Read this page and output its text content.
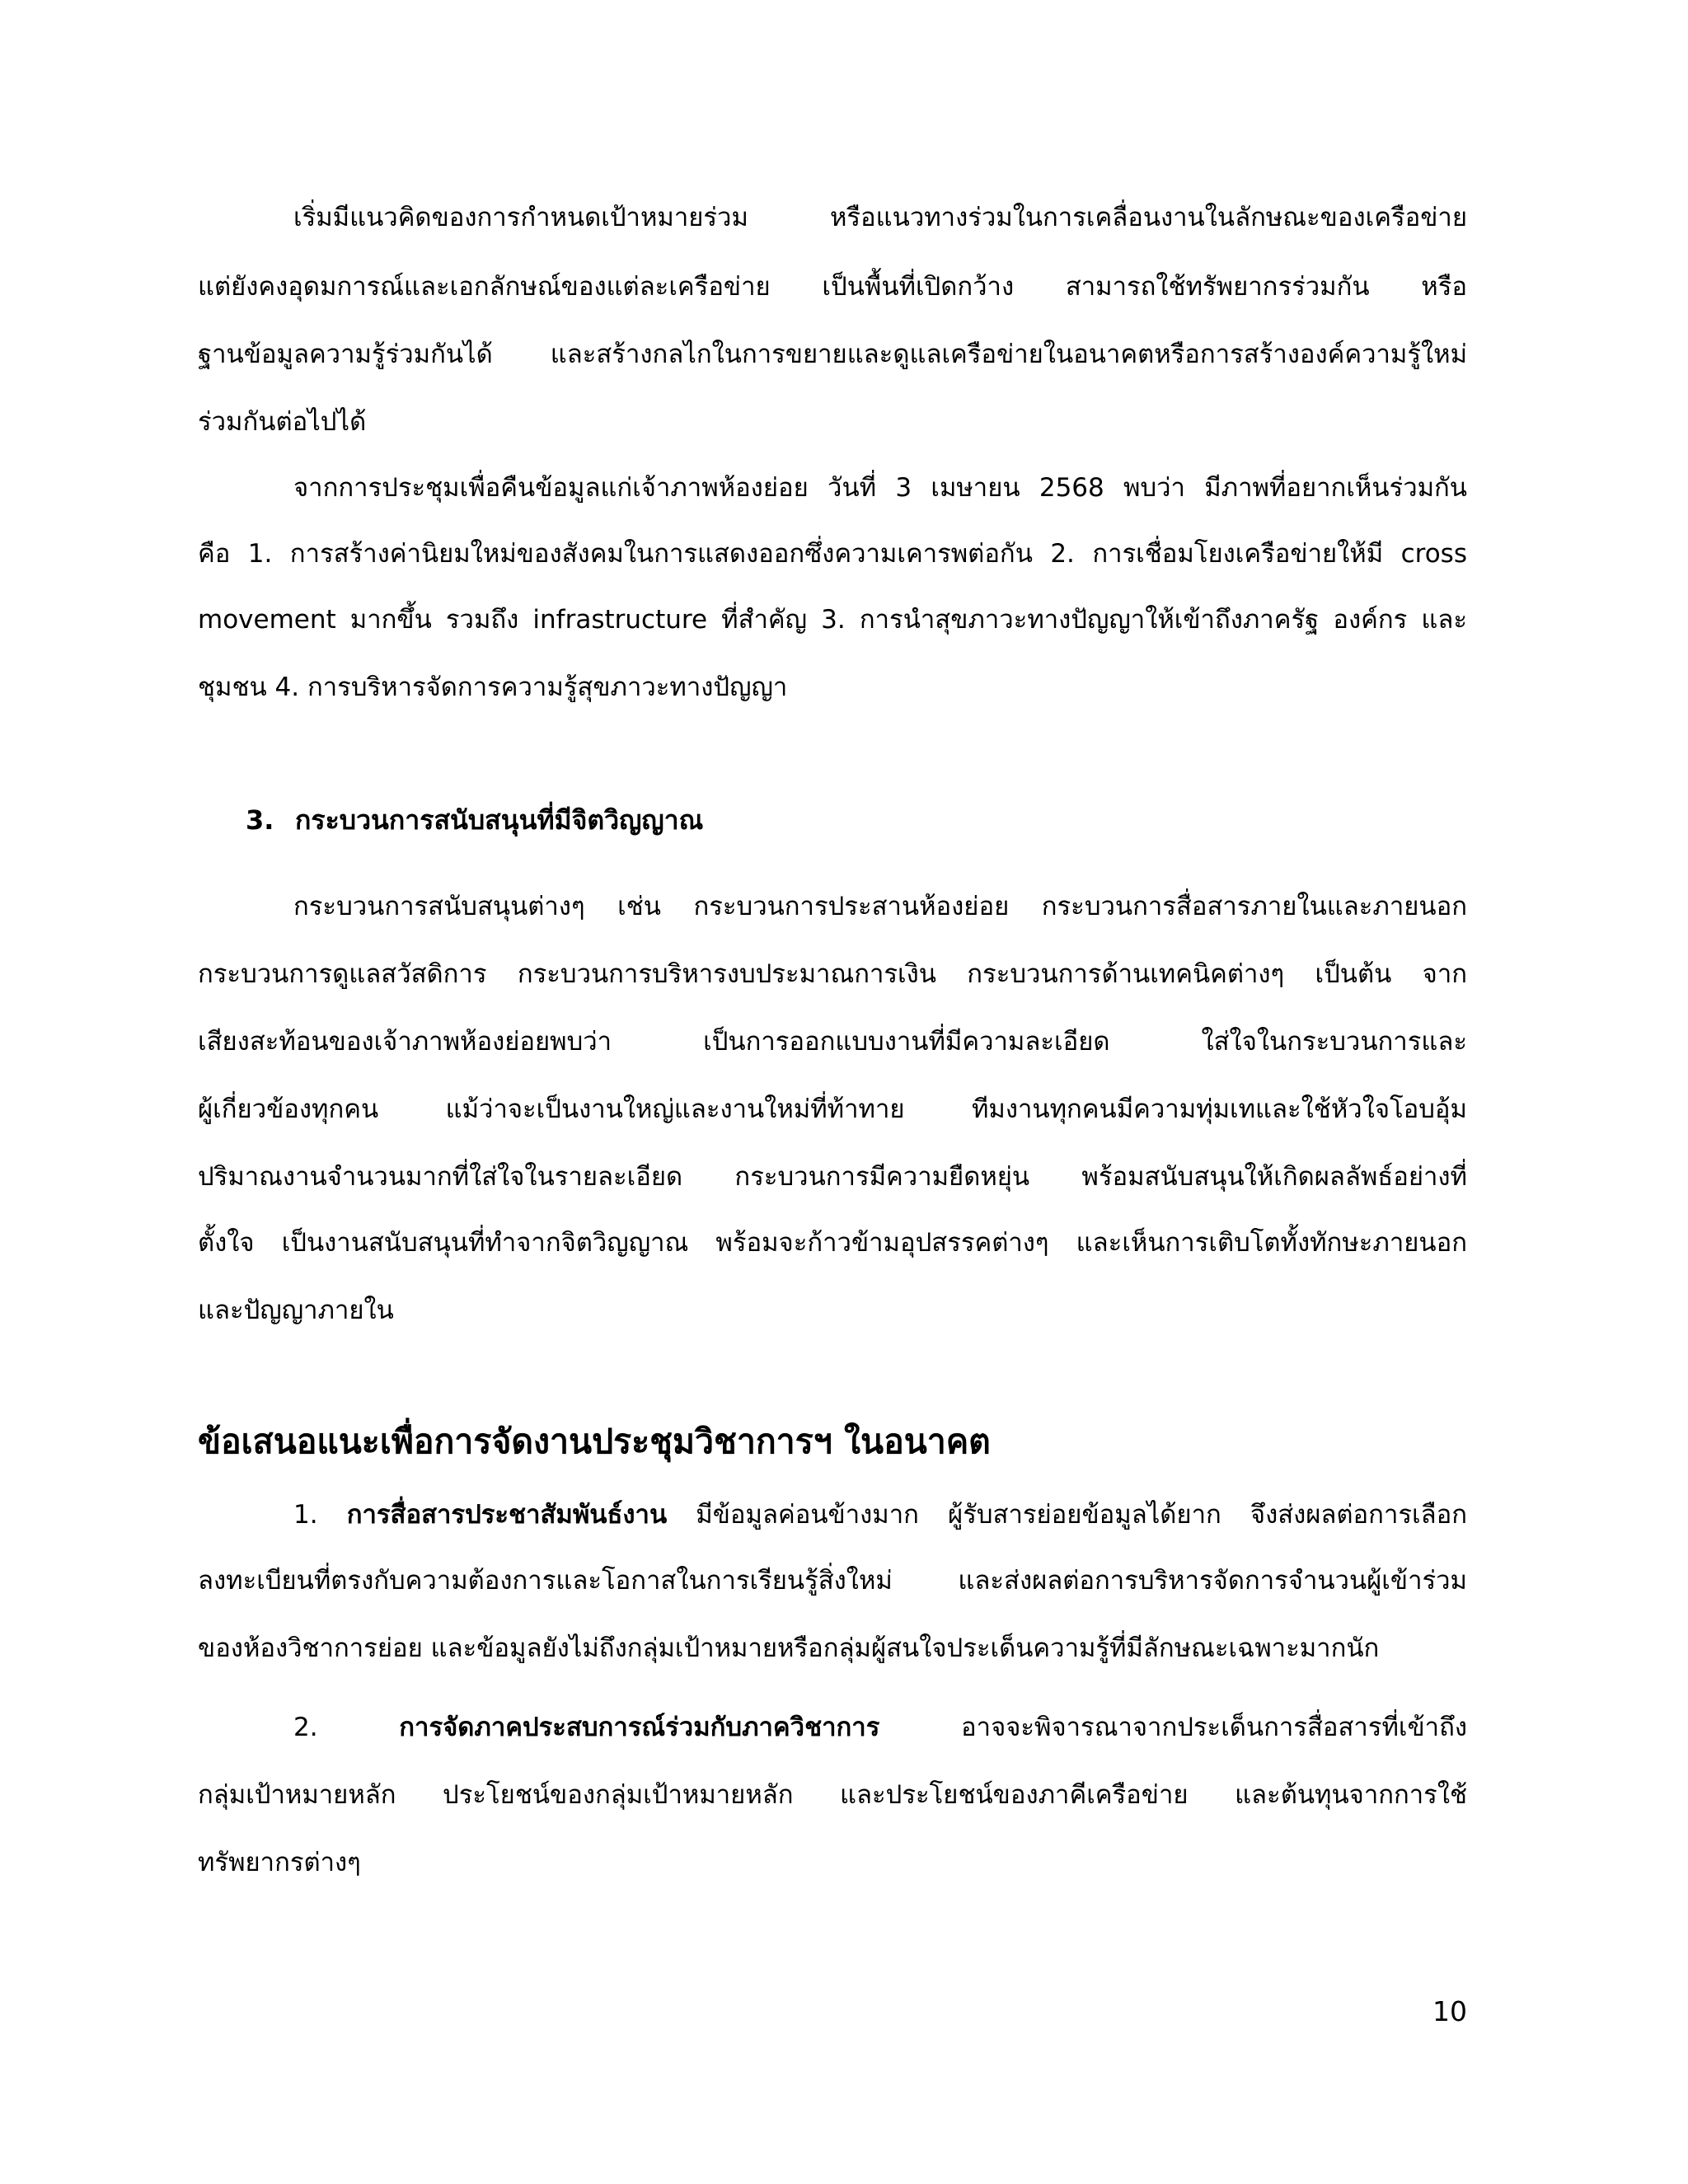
เริ่มมีแนวคิดของการกำหนดเป้าหมายร่วม หรือแนวทางร่วมในการเคลื่อนงานในลักษณะของเครือข่าย

แต่ยังคงอุดมการณ์และเอกลักษณ์ของแต่ละเครือข่าย เป็นพื้นที่เปิดกว้าง สามารถใช้ทรัพยากรร่วมกัน หรือ

ฐานข้อมูลความรู้ร่วมกันได้ และสร้างกลไกในการขยายและดูแลเครือข่ายในอนาคตหรือการสร้างองค์ความรู้ใหม่

ร่วมกันต่อไปได้

จากการประชุมเพื่อคืนข้อมูลแก่เจ้าภาพห้องย่อย วันที่ 3 เมษายน 2568 พบว่า มีภาพที่อยากเห็นร่วมกัน

คือ 1. การสร้างค่านิยมใหม่ของสังคมในการแสดงออกซึ่งความเคารพต่อกัน 2. การเชื่อมโยงเครือข่ายให้มี cross

movement มากขึ้น รวมถึง infrastructure ที่สำคัญ 3. การนำสุขภาวะทางปัญญาให้เข้าถึงภาครัฐ องค์กร และ

ชุมชน 4. การบริหารจัดการความรู้สุขภาวะทางปัญญา

3. กระบวนการสนับสนุนที่มีจิตวิญญาณ

กระบวนการสนับสนุนต่างๆ เช่น กระบวนการประสานห้องย่อย กระบวนการสื่อสารภายในและภายนอก

กระบวนการดูแลสวัสดิการ กระบวนการบริหารงบประมาณการเงิน กระบวนการด้านเทคนิคต่างๆ เป็นต้น จาก

เสียงสะท้อนของเจ้าภาพห้องย่อยพบว่า เป็นการออกแบบงานที่มีความละเอียด ใส่ใจในกระบวนการและ

ผู้เกี่ยวข้องทุกคน แม้ว่าจะเป็นงานใหญ่และงานใหม่ที่ท้าทาย ทีมงานทุกคนมีความทุ่มเทและใช้หัวใจโอบอุ้ม

ปริมาณงานจำนวนมากที่ใส่ใจในรายละเอียด กระบวนการมีความยืดหยุ่น พร้อมสนับสนุนให้เกิดผลลัพธ์อย่างที่

ตั้งใจ เป็นงานสนับสนุนที่ทำจากจิตวิญญาณ พร้อมจะก้าวข้ามอุปสรรคต่างๆ และเห็นการเติบโตทั้งทักษะภายนอก

และปัญญาภายใน

ข้อเสนอแนะเพื่อการจัดงานประชุมวิชาการฯ ในอนาคต

1. การสื่อสารประชาสัมพันธ์งาน มีข้อมูลค่อนข้างมาก ผู้รับสารย่อยข้อมูลได้ยาก จึงส่งผลต่อการเลือก

ลงทะเบียนที่ตรงกับความต้องการและโอกาสในการเรียนรู้สิ่งใหม่ และส่งผลต่อการบริหารจัดการจำนวนผู้เข้าร่วม

ของห้องวิชาการย่อย และข้อมูลยังไม่ถึงกลุ่มเป้าหมายหรือกลุ่มผู้สนใจประเด็นความรู้ที่มีลักษณะเฉพาะมากนัก

2.	การจัดภาคประสบการณ์ร่วมกับภาควิชาการ อาจจะพิจารณาจากประเด็นการสื่อสารที่เข้าถึง

กลุ่มเป้าหมายหลัก ประโยชน์ของกลุ่มเป้าหมายหลัก และประโยชน์ของภาคีเครือข่าย และต้นทุนจากการใช้

ทรัพยากรต่างๆ

10
